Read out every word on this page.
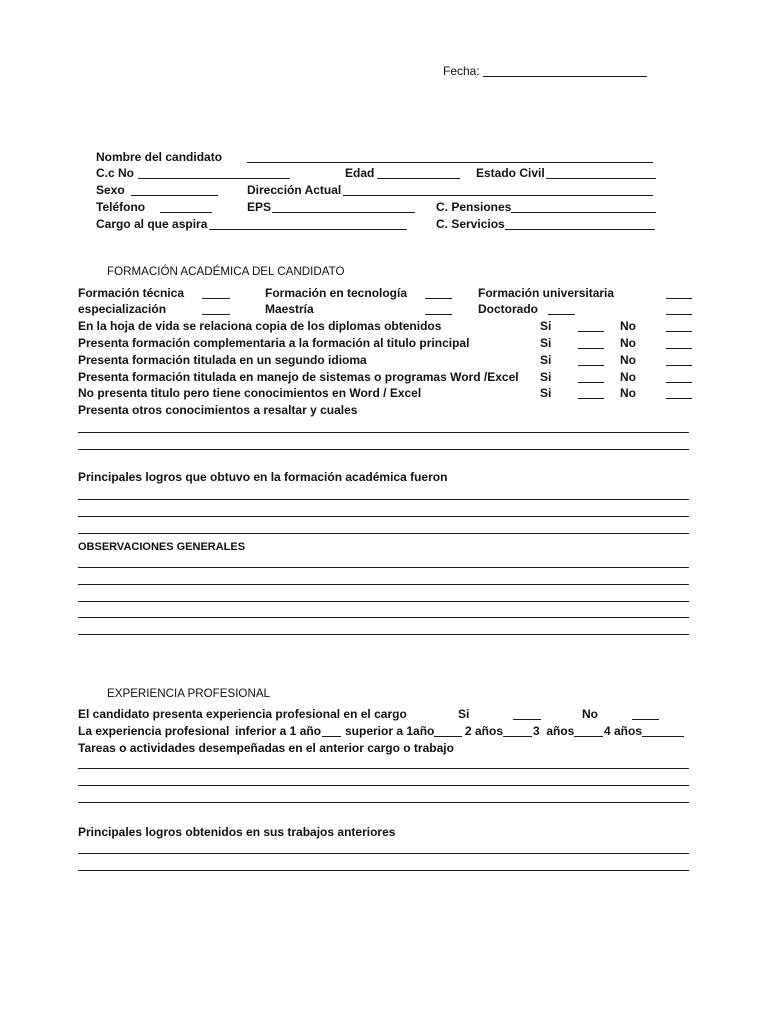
Fecha:
Nombre del candidato
C.c No	Edad	Estado Civil
Sexo	Dirección Actual
Teléfono	EPS	C. Pensiones
Cargo al que aspira	C. Servicios
FORMACIÓN ACADÉMICA DEL CANDIDATO
Formación técnica	Formación en tecnología	Formación universitaria
especialización	Maestría	Doctorado
En la hoja de vida se relaciona copia de los diplomas obtenidos	Si	No
Presenta formación complementaria a la formación al titulo principal	Si	No
Presenta formación titulada en un segundo idioma	Si	No
Presenta formación titulada en manejo de sistemas o programas Word /Excel Si	No
No presenta titulo pero tiene conocimientos en Word / Excel	Si	No
Presenta otros conocimientos a resaltar y cuales
Principales logros que obtuvo en la formación académica fueron
OBSERVACIONES GENERALES
EXPERIENCIA PROFESIONAL
El candidato presenta experiencia profesional en el cargo	Si	No
La experiencia profesional inferior a 1 año superior a 1año	2 años 3  años 4 años
Tareas o actividades desempeñadas en el anterior cargo o trabajo
Principales logros obtenidos en sus trabajos anteriores
